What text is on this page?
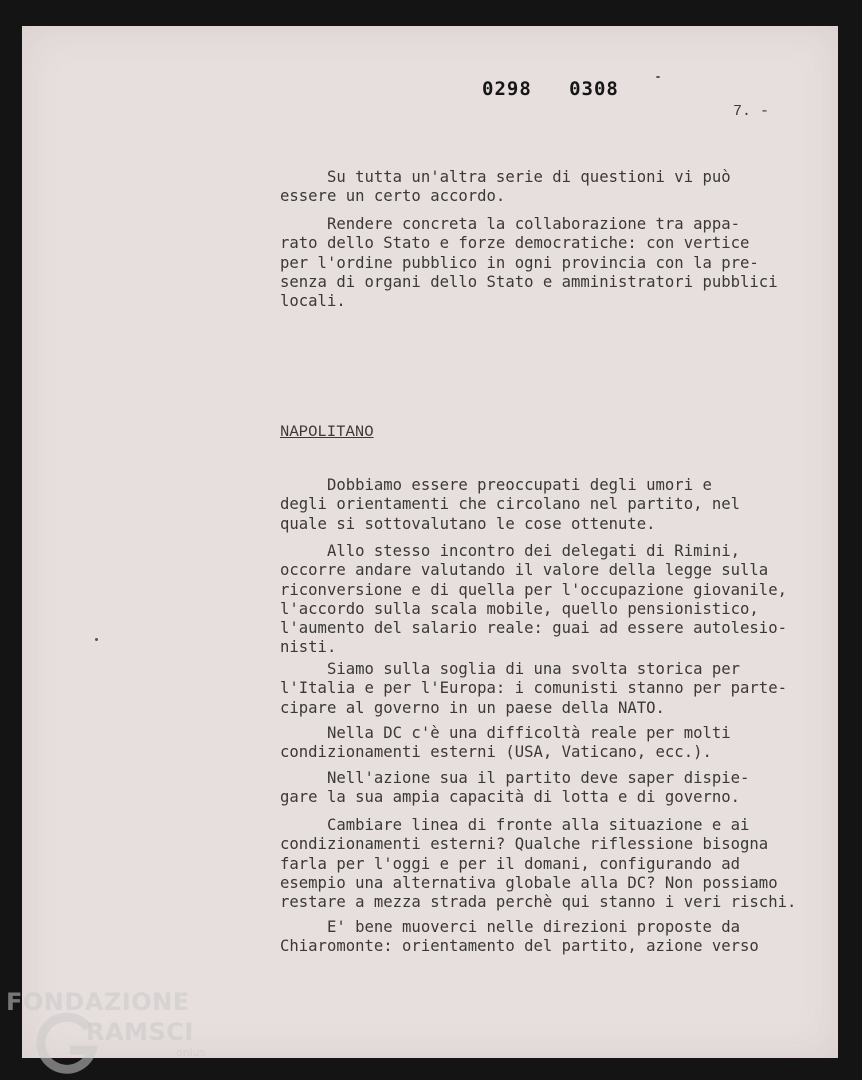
0298   0308
7. -
Su tutta un'altra serie di questioni vi può
essere un certo accordo.
Rendere concreta la collaborazione tra appa-
rato dello Stato e forze democratiche: con vertice
per l'ordine pubblico in ogni provincia con la pre-
senza di organi dello Stato e amministratori pubblici
locali.
NAPOLITANO
Dobbiamo essere preoccupati degli umori e
degli orientamenti che circolano nel partito, nel
quale si sottovalutano le cose ottenute.
Allo stesso incontro dei delegati di Rimini,
occorre andare valutando il valore della legge sulla
riconversione e di quella per l'occupazione giovanile,
l'accordo sulla scala mobile, quello pensionistico,
l'aumento del salario reale: guai ad essere autolesio-
nisti.
Siamo sulla soglia di una svolta storica per
l'Italia e per l'Europa: i comunisti stanno per parte-
cipare al governo in un paese della NATO.
Nella DC c'è una difficoltà reale per molti
condizionamenti esterni (USA, Vaticano, ecc.).
Nell'azione sua il partito deve saper dispie-
gare la sua ampia capacità di lotta e di governo.
Cambiare linea di fronte alla situazione e ai
condizionamenti esterni? Qualche riflessione bisogna
farla per l'oggi e per il domani, configurando ad
esempio una alternativa globale alla DC? Non possiamo
restare a mezza strada perchè qui stanno i veri rischi.
E' bene muoverci nelle direzioni proposte da
Chiaromonte: orientamento del partito, azione verso
FONDAZIONE
RAMSCI
onlus
